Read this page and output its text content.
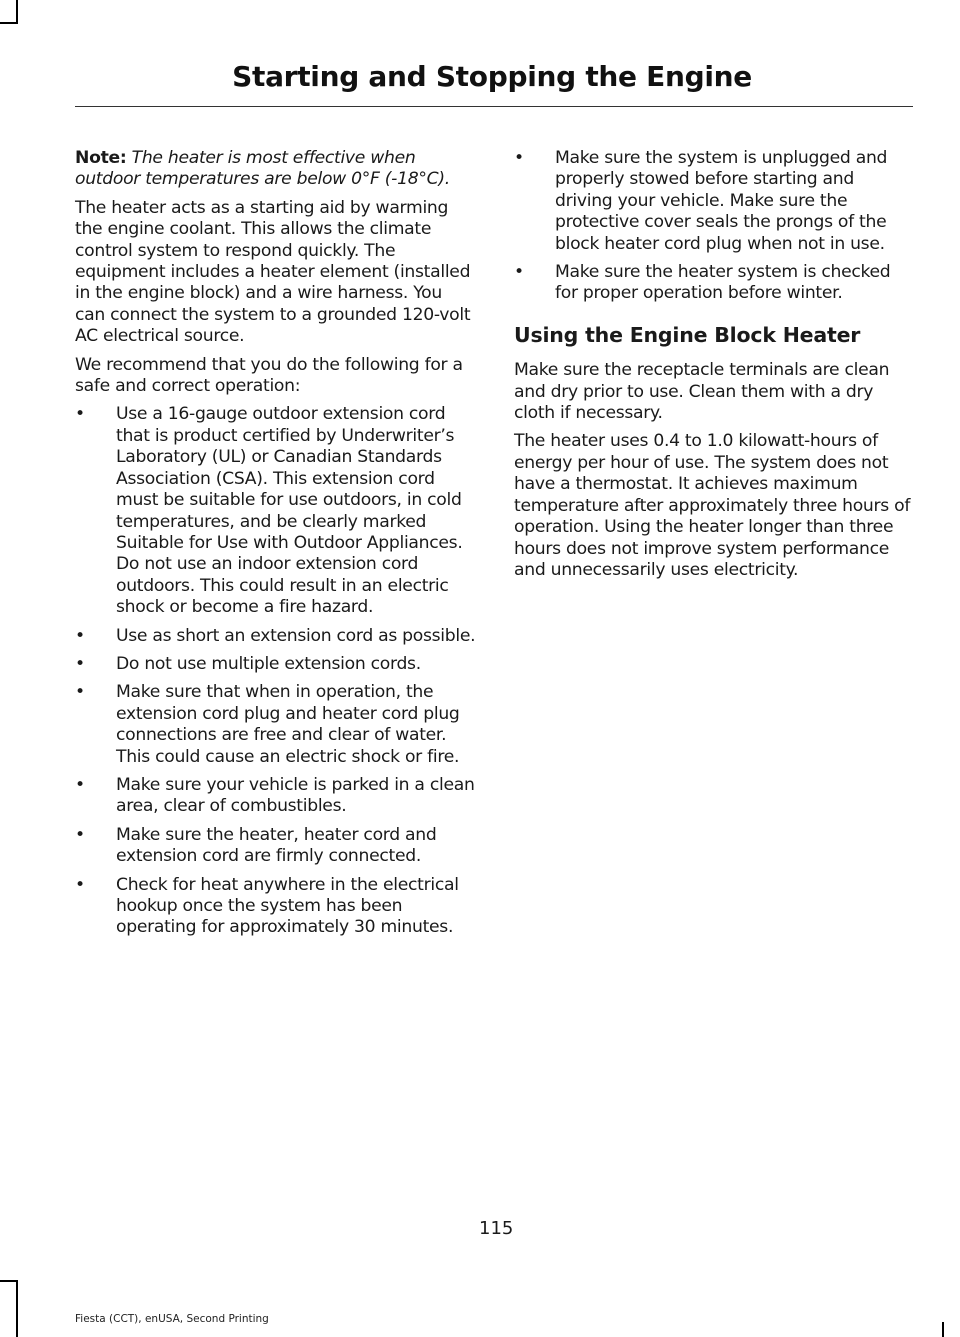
Starting and Stopping the Engine

Note: The heater is most effective when outdoor temperatures are below 0°F (-18°C).

The heater acts as a starting aid by warming the engine coolant. This allows the climate control system to respond quickly. The equipment includes a heater element (installed in the engine block) and a wire harness. You can connect the system to a grounded 120-volt AC electrical source.

We recommend that you do the following for a safe and correct operation:

•	Use a 16-gauge outdoor extension cord that is product certified by Underwriter’s Laboratory (UL) or Canadian Standards Association (CSA). This extension cord must be suitable for use outdoors, in cold temperatures, and be clearly marked Suitable for Use with Outdoor Appliances. Do not use an indoor extension cord outdoors. This could result in an electric shock or become a fire hazard.
•	Use as short an extension cord as possible.
•	Do not use multiple extension cords.
•	Make sure that when in operation, the extension cord plug and heater cord plug connections are free and clear of water. This could cause an electric shock or fire.
•	Make sure your vehicle is parked in a clean area, clear of combustibles.
•	Make sure the heater, heater cord and extension cord are firmly connected.
•	Check for heat anywhere in the electrical hookup once the system has been operating for approximately 30 minutes.
•	Make sure the system is unplugged and properly stowed before starting and driving your vehicle. Make sure the protective cover seals the prongs of the block heater cord plug when not in use.
•	Make sure the heater system is checked for proper operation before winter.
Using the Engine Block Heater

Make sure the receptacle terminals are clean and dry prior to use. Clean them with a dry cloth if necessary.

The heater uses 0.4 to 1.0 kilowatt-hours of energy per hour of use. The system does not have a thermostat. It achieves maximum temperature after approximately three hours of operation. Using the heater longer than three hours does not improve system performance and unnecessarily uses electricity.

115

Fiesta (CCT), enUSA, Second Printing
